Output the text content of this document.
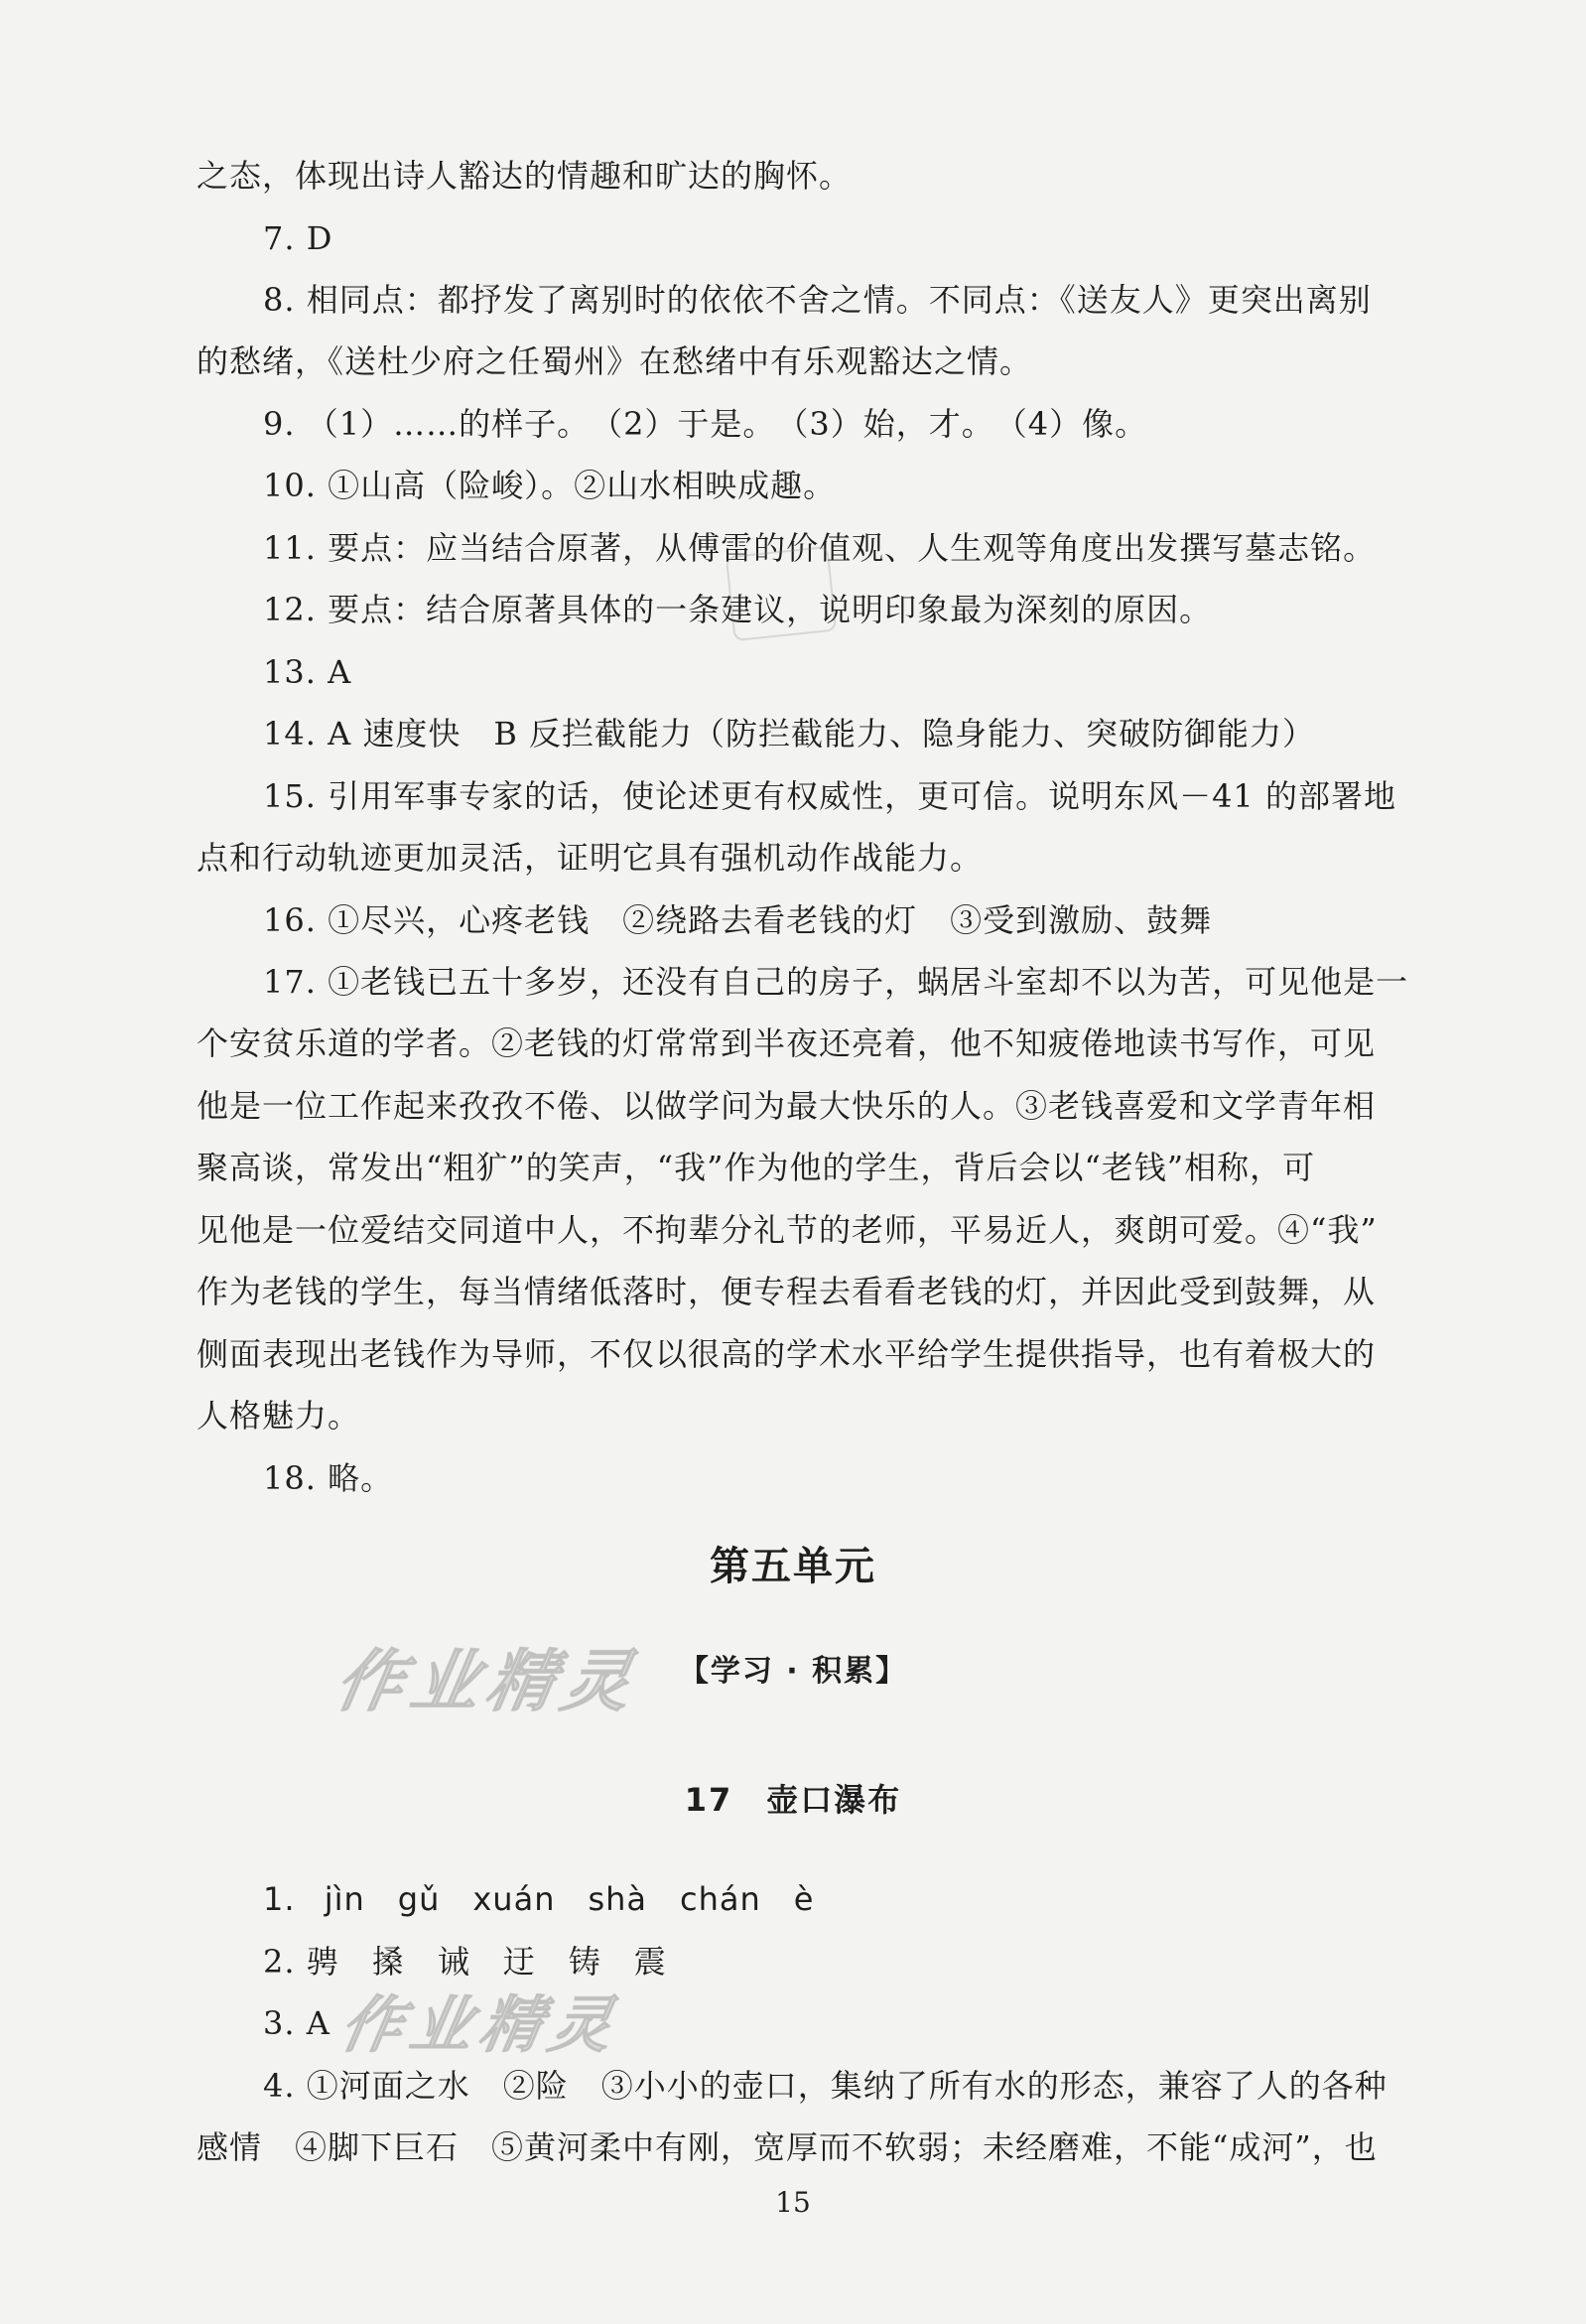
之态，体现出诗人豁达的情趣和旷达的胸怀。
7. D
8. 相同点：都抒发了离别时的依依不舍之情。不同点：《送友人》更突出离别
的愁绪，《送杜少府之任蜀州》在愁绪中有乐观豁达之情。
9. （1）……的样子。　（2）于是。　（3）始，才。　（4）像。
10. ①山高（险峻）。②山水相映成趣。
11. 要点：应当结合原著，从傅雷的价值观、人生观等角度出发撰写墓志铭。
12. 要点：结合原著具体的一条建议，说明印象最为深刻的原因。
13. A
14. A 速度快　B 反拦截能力（防拦截能力、隐身能力、突破防御能力）
15. 引用军事专家的话，使论述更有权威性，更可信。说明东风－41 的部署地
点和行动轨迹更加灵活，证明它具有强机动作战能力。
16. ①尽兴，心疼老钱　②绕路去看老钱的灯　③受到激励、鼓舞
17. ①老钱已五十多岁，还没有自己的房子，蜗居斗室却不以为苦，可见他是一
个安贫乐道的学者。②老钱的灯常常到半夜还亮着，他不知疲倦地读书写作，可见
他是一位工作起来孜孜不倦、以做学问为最大快乐的人。③老钱喜爱和文学青年相
聚高谈，常发出“粗犷”的笑声，“我”作为他的学生，背后会以“老钱”相称，可
见他是一位爱结交同道中人，不拘辈分礼节的老师，平易近人，爽朗可爱。④“我”
作为老钱的学生，每当情绪低落时，便专程去看看老钱的灯，并因此受到鼓舞，从
侧面表现出老钱作为导师，不仅以很高的学术水平给学生提供指导，也有着极大的
人格魅力。
18. 略。
第五单元
【学习 · 积累】
17　壶口瀑布
1. jìn　gǔ　xuán　shà　chán　è
2. 骋　搡　诫　迂　铸　震
3. A
4. ①河面之水　②险　③小小的壶口，集纳了所有水的形态，兼容了人的各种
感情　④脚下巨石　⑤黄河柔中有刚，宽厚而不软弱；未经磨难，不能“成河”，也
15
作业精灵
作业精灵
